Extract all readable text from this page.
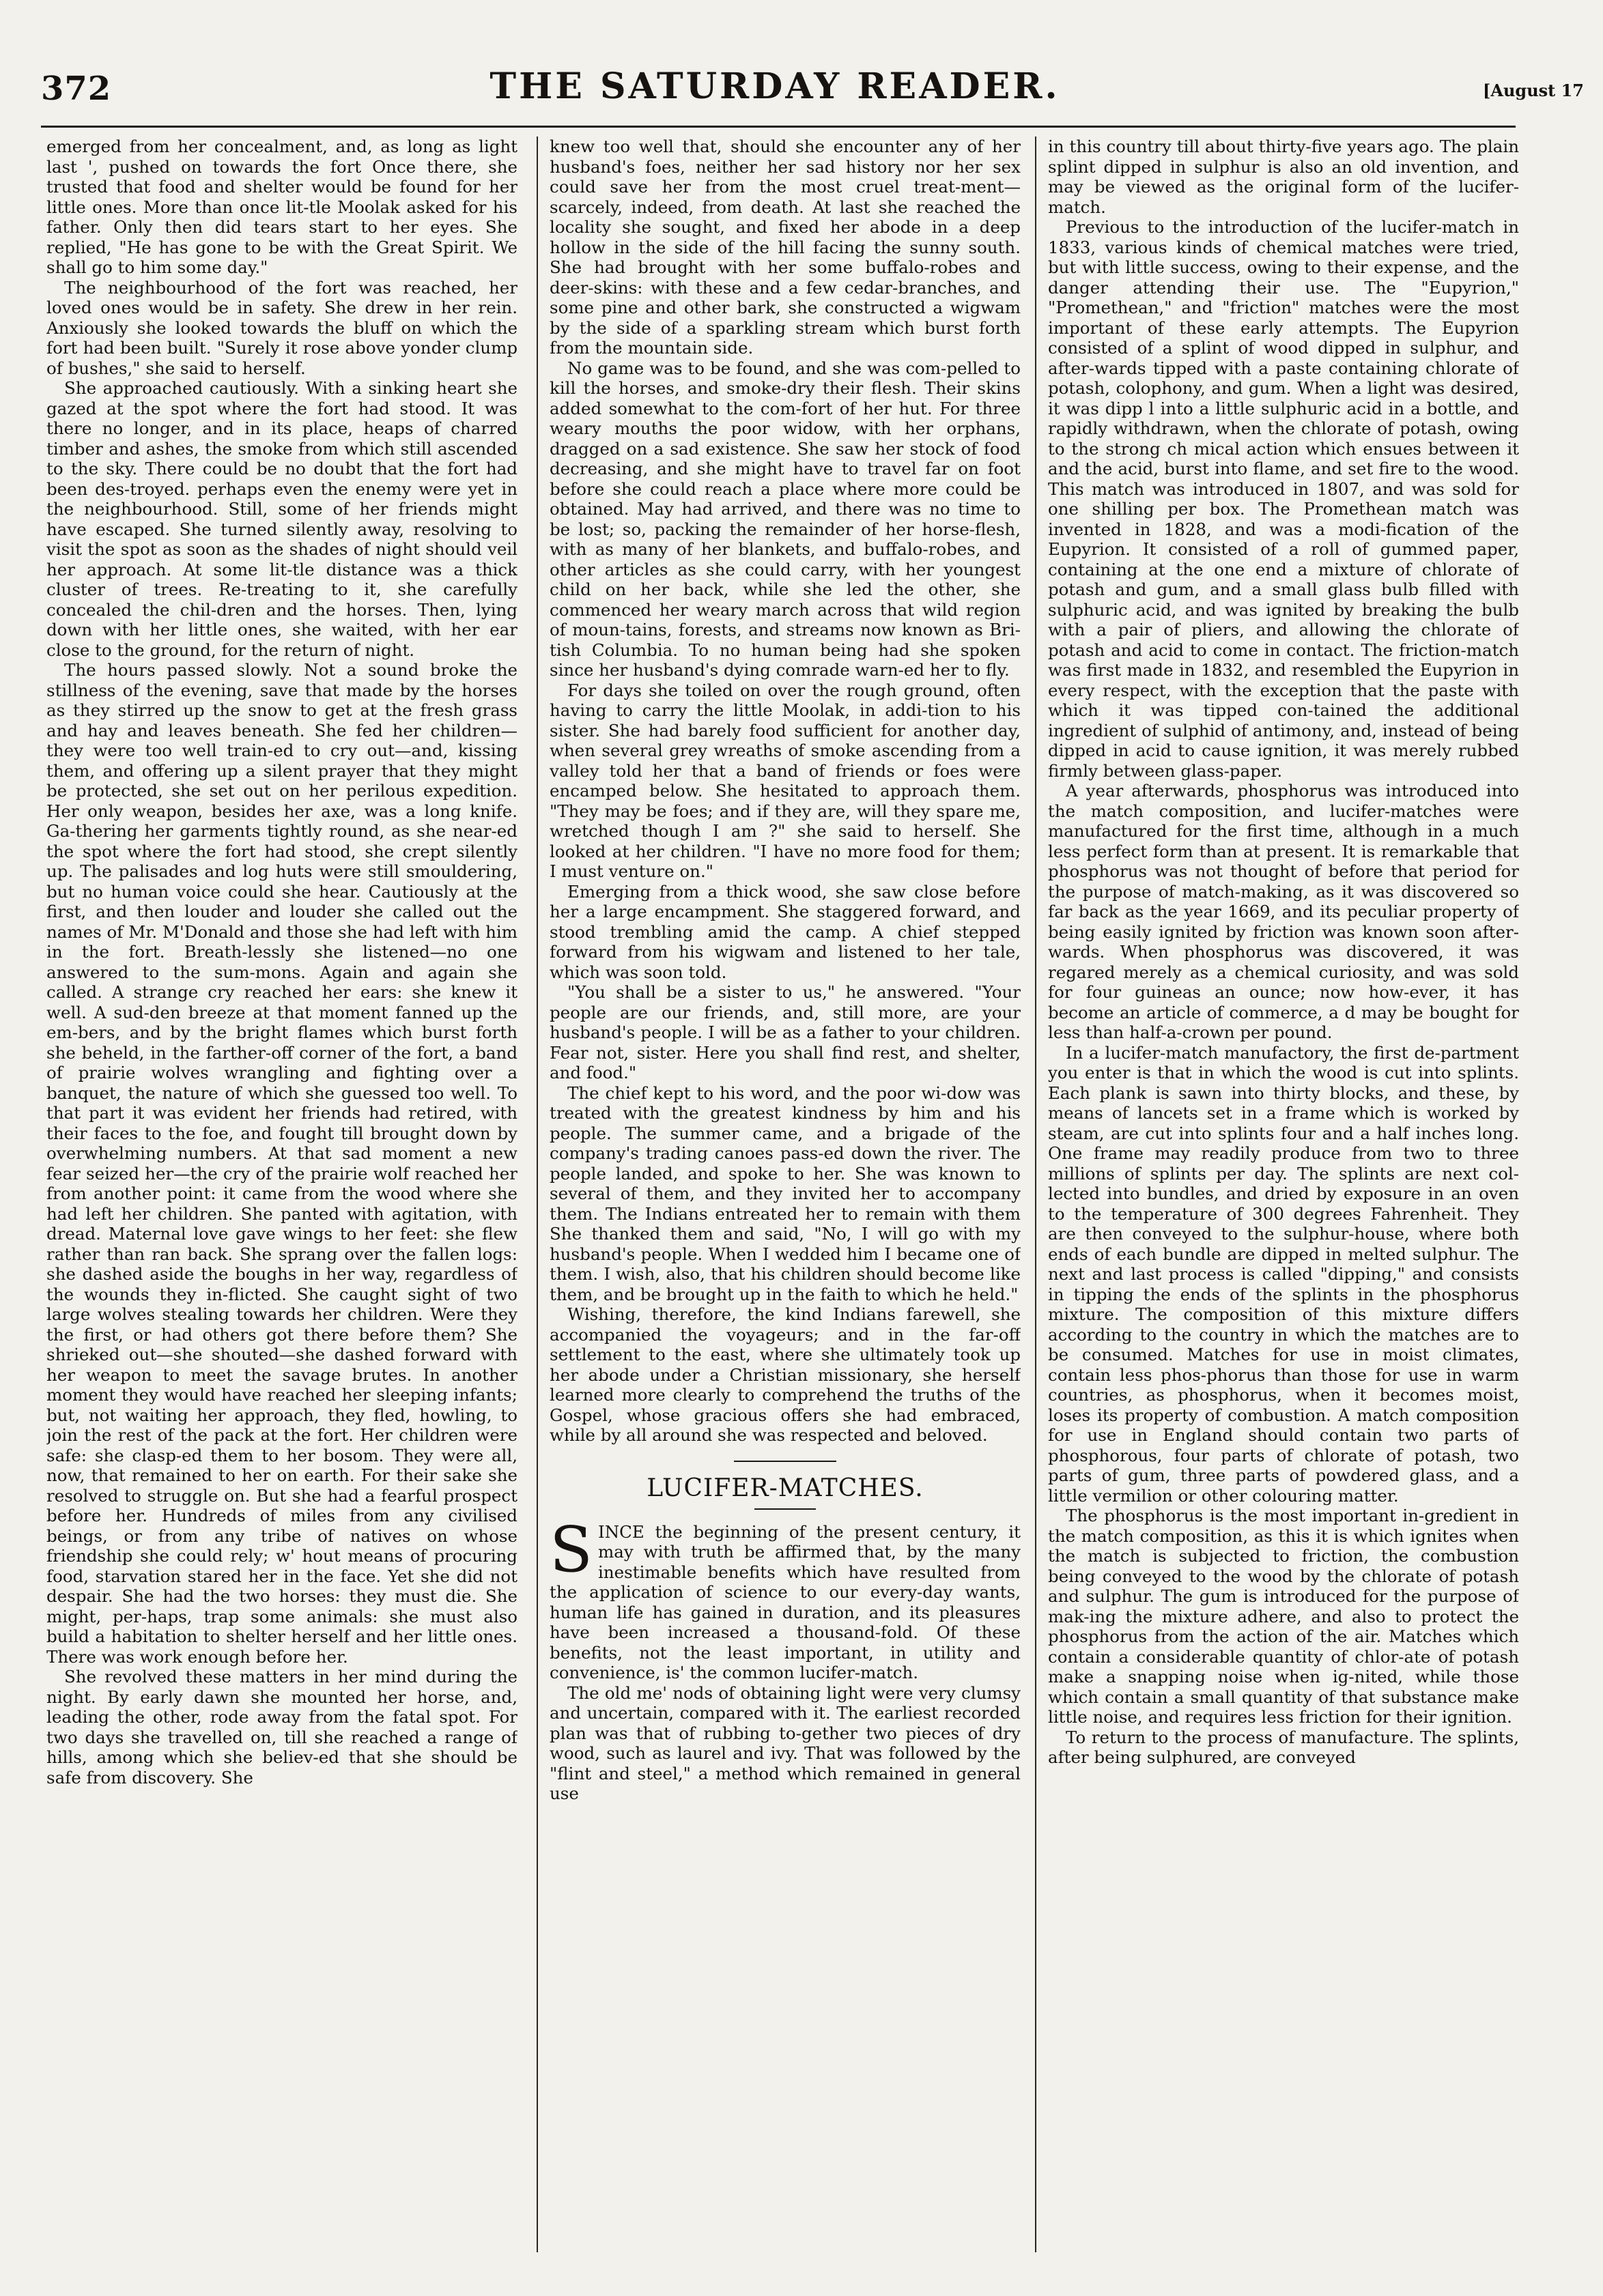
372	THE SATURDAY READER.	[August 17

emerged from her concealment, and, as long as light last ', pushed on towards the fort Once there, she trusted that food and shelter would be found for her little ones. More than once lit-tle Moolak asked for his father. Only then did tears start to her eyes. She replied, "He has gone to be with the Great Spirit. We shall go to him some day."

The neighbourhood of the fort was reached, her loved ones would be in safety. She drew in her rein. Anxiously she looked towards the bluff on which the fort had been built. "Surely it rose above yonder clump of bushes," she said to herself.

She approached cautiously. With a sinking heart she gazed at the spot where the fort had stood. It was there no longer, and in its place, heaps of charred timber and ashes, the smoke from which still ascended to the sky. There could be no doubt that the fort had been des-troyed. perhaps even the enemy were yet in the neighbourhood. Still, some of her friends might have escaped. She turned silently away, resolving to visit the spot as soon as the shades of night should veil her approach. At some lit-tle distance was a thick cluster of trees. Re-treating to it, she carefully concealed the chil-dren and the horses. Then, lying down with her little ones, she waited, with her ear close to the ground, for the return of night.

The hours passed slowly. Not a sound broke the stillness of the evening, save that made by the horses as they stirred up the snow to get at the fresh grass and hay and leaves beneath. She fed her children—they were too well train-ed to cry out—and, kissing them, and offering up a silent prayer that they might be protected, she set out on her perilous expedition. Her only weapon, besides her axe, was a long knife. Ga-thering her garments tightly round, as she near-ed the spot where the fort had stood, she crept silently up. The palisades and log huts were still smouldering, but no human voice could she hear. Cautiously at the first, and then louder and louder she called out the names of Mr. M'Donald and those she had left with him in the fort. Breath-lessly she listened—no one answered to the sum-mons. Again and again she called. A strange cry reached her ears: she knew it well. A sud-den breeze at that moment fanned up the em-bers, and by the bright flames which burst forth she beheld, in the farther-off corner of the fort, a band of prairie wolves wrangling and fighting over a banquet, the nature of which she guessed too well. To that part it was evident her friends had retired, with their faces to the foe, and fought till brought down by overwhelming numbers. At that sad moment a new fear seized her—the cry of the prairie wolf reached her from another point: it came from the wood where she had left her children. She panted with agitation, with dread. Maternal love gave wings to her feet: she flew rather than ran back. She sprang over the fallen logs: she dashed aside the boughs in her way, regardless of the wounds they in-flicted. She caught sight of two large wolves stealing towards her children. Were they the first, or had others got there before them? She shrieked out—she shouted—she dashed forward with her weapon to meet the savage brutes. In another moment they would have reached her sleeping infants; but, not waiting her approach, they fled, howling, to join the rest of the pack at the fort. Her children were safe: she clasp-ed them to her bosom. They were all, now, that remained to her on earth. For their sake she resolved to struggle on. But she had a fearful prospect before her. Hundreds of miles from any civilised beings, or from any tribe of natives on whose friendship she could rely; w' hout means of procuring food, starvation stared her in the face. Yet she did not despair. She had the two horses: they must die. She might, per-haps, trap some animals: she must also build a habitation to shelter herself and her little ones. There was work enough before her.

She revolved these matters in her mind during the night. By early dawn she mounted her horse, and, leading the other, rode away from the fatal spot. For two days she travelled on, till she reached a range of hills, among which she believ-ed that she should be safe from discovery. She

knew too well that, should she encounter any of her husband's foes, neither her sad history nor her sex could save her from the most cruel treat-ment—scarcely, indeed, from death. At last she reached the locality she sought, and fixed her abode in a deep hollow in the side of the hill facing the sunny south. She had brought with her some buffalo-robes and deer-skins: with these and a few cedar-branches, and some pine and other bark, she constructed a wigwam by the side of a sparkling stream which burst forth from the mountain side.

No game was to be found, and she was com-pelled to kill the horses, and smoke-dry their flesh. Their skins added somewhat to the com-fort of her hut. For three weary mouths the poor widow, with her orphans, dragged on a sad existence. She saw her stock of food decreasing, and she might have to travel far on foot before she could reach a place where more could be obtained. May had arrived, and there was no time to be lost; so, packing the remainder of her horse-flesh, with as many of her blankets, and buffalo-robes, and other articles as she could carry, with her youngest child on her back, while she led the other, she commenced her weary march across that wild region of moun-tains, forests, and streams now known as Bri-tish Columbia. To no human being had she spoken since her husband's dying comrade warn-ed her to fly.

For days she toiled on over the rough ground, often having to carry the little Moolak, in addi-tion to his sister. She had barely food sufficient for another day, when several grey wreaths of smoke ascending from a valley told her that a band of friends or foes were encamped below. She hesitated to approach them. "They may be foes; and if they are, will they spare me, wretched though I am ?" she said to herself. She looked at her children. "I have no more food for them; I must venture on."

Emerging from a thick wood, she saw close before her a large encampment. She staggered forward, and stood trembling amid the camp. A chief stepped forward from his wigwam and listened to her tale, which was soon told.

"You shall be a sister to us," he answered. "Your people are our friends, and, still more, are your husband's people. I will be as a father to your children. Fear not, sister. Here you shall find rest, and shelter, and food."

The chief kept to his word, and the poor wi-dow was treated with the greatest kindness by him and his people. The summer came, and a brigade of the company's trading canoes pass-ed down the river. The people landed, and spoke to her. She was known to several of them, and they invited her to accompany them. The Indians entreated her to remain with them She thanked them and said, "No, I will go with my husband's people. When I wedded him I became one of them. I wish, also, that his children should become like them, and be brought up in the faith to which he held."

Wishing, therefore, the kind Indians farewell, she accompanied the voyageurs; and in the far-off settlement to the east, where she ultimately took up her abode under a Christian missionary, she herself learned more clearly to comprehend the truths of the Gospel, whose gracious offers she had embraced, while by all around she was respected and beloved.

LUCIFER-MATCHES.

SINCE the beginning of the present century, it may with truth be affirmed that, by the many inestimable benefits which have resulted from the application of science to our every-day wants, human life has gained in duration, and its pleasures have been increased a thousand-fold. Of these benefits, not the least important, in utility and convenience, is' the common lucifer-match.

The old me' nods of obtaining light were very clumsy and uncertain, compared with it. The earliest recorded plan was that of rubbing to-gether two pieces of dry wood, such as laurel and ivy. That was followed by the "flint and steel," a method which remained in general use

in this country till about thirty-five years ago. The plain splint dipped in sulphur is also an old invention, and may be viewed as the original form of the lucifer-match.

Previous to the introduction of the lucifer-match in 1833, various kinds of chemical matches were tried, but with little success, owing to their expense, and the danger attending their use. The "Eupyrion," "Promethean," and "friction" matches were the most important of these early attempts. The Eupyrion consisted of a splint of wood dipped in sulphur, and after-wards tipped with a paste containing chlorate of potash, colophony, and gum. When a light was desired, it was dipp l into a little sulphuric acid in a bottle, and rapidly withdrawn, when the chlorate of potash, owing to the strong ch mical action which ensues between it and the acid, burst into flame, and set fire to the wood. This match was introduced in 1807, and was sold for one shilling per box. The Promethean match was invented in 1828, and was a modi-fication of the Eupyrion. It consisted of a roll of gummed paper, containing at the one end a mixture of chlorate of potash and gum, and a small glass bulb filled with sulphuric acid, and was ignited by breaking the bulb with a pair of pliers, and allowing the chlorate of potash and acid to come in contact. The friction-match was first made in 1832, and resembled the Eupyrion in every respect, with the exception that the paste with which it was tipped con-tained the additional ingredient of sulphid of antimony, and, instead of being dipped in acid to cause ignition, it was merely rubbed firmly between glass-paper.

A year afterwards, phosphorus was introduced into the match composition, and lucifer-matches were manufactured for the first time, although in a much less perfect form than at present. It is remarkable that phosphorus was not thought of before that period for the purpose of match-making, as it was discovered so far back as the year 1669, and its peculiar property of being easily ignited by friction was known soon after-wards. When phosphorus was discovered, it was regared merely as a chemical curiosity, and was sold for four guineas an ounce; now how-ever, it has become an article of commerce, a d may be bought for less than half-a-crown per pound.

In a lucifer-match manufactory, the first de-partment you enter is that in which the wood is cut into splints. Each plank is sawn into thirty blocks, and these, by means of lancets set in a frame which is worked by steam, are cut into splints four and a half inches long. One frame may readily produce from two to three millions of splints per day. The splints are next col-lected into bundles, and dried by exposure in an oven to the temperature of 300 degrees Fahrenheit. They are then conveyed to the sulphur-house, where both ends of each bundle are dipped in melted sulphur. The next and last process is called "dipping," and consists in tipping the ends of the splints in the phosphorus mixture. The composition of this mixture differs according to the country in which the matches are to be consumed. Matches for use in moist climates, contain less phos-phorus than those for use in warm countries, as phosphorus, when it becomes moist, loses its property of combustion. A match composition for use in England should contain two parts of phosphorous, four parts of chlorate of potash, two parts of gum, three parts of powdered glass, and a little vermilion or other colouring matter.

The phosphorus is the most important in-gredient in the match composition, as this it is which ignites when the match is subjected to friction, the combustion being conveyed to the wood by the chlorate of potash and sulphur. The gum is introduced for the purpose of mak-ing the mixture adhere, and also to protect the phosphorus from the action of the air. Matches which contain a considerable quantity of chlor-ate of potash make a snapping noise when ig-nited, while those which contain a small quantity of that substance make little noise, and requires less friction for their ignition.

To return to the process of manufacture. The splints, after being sulphured, are conveyed
